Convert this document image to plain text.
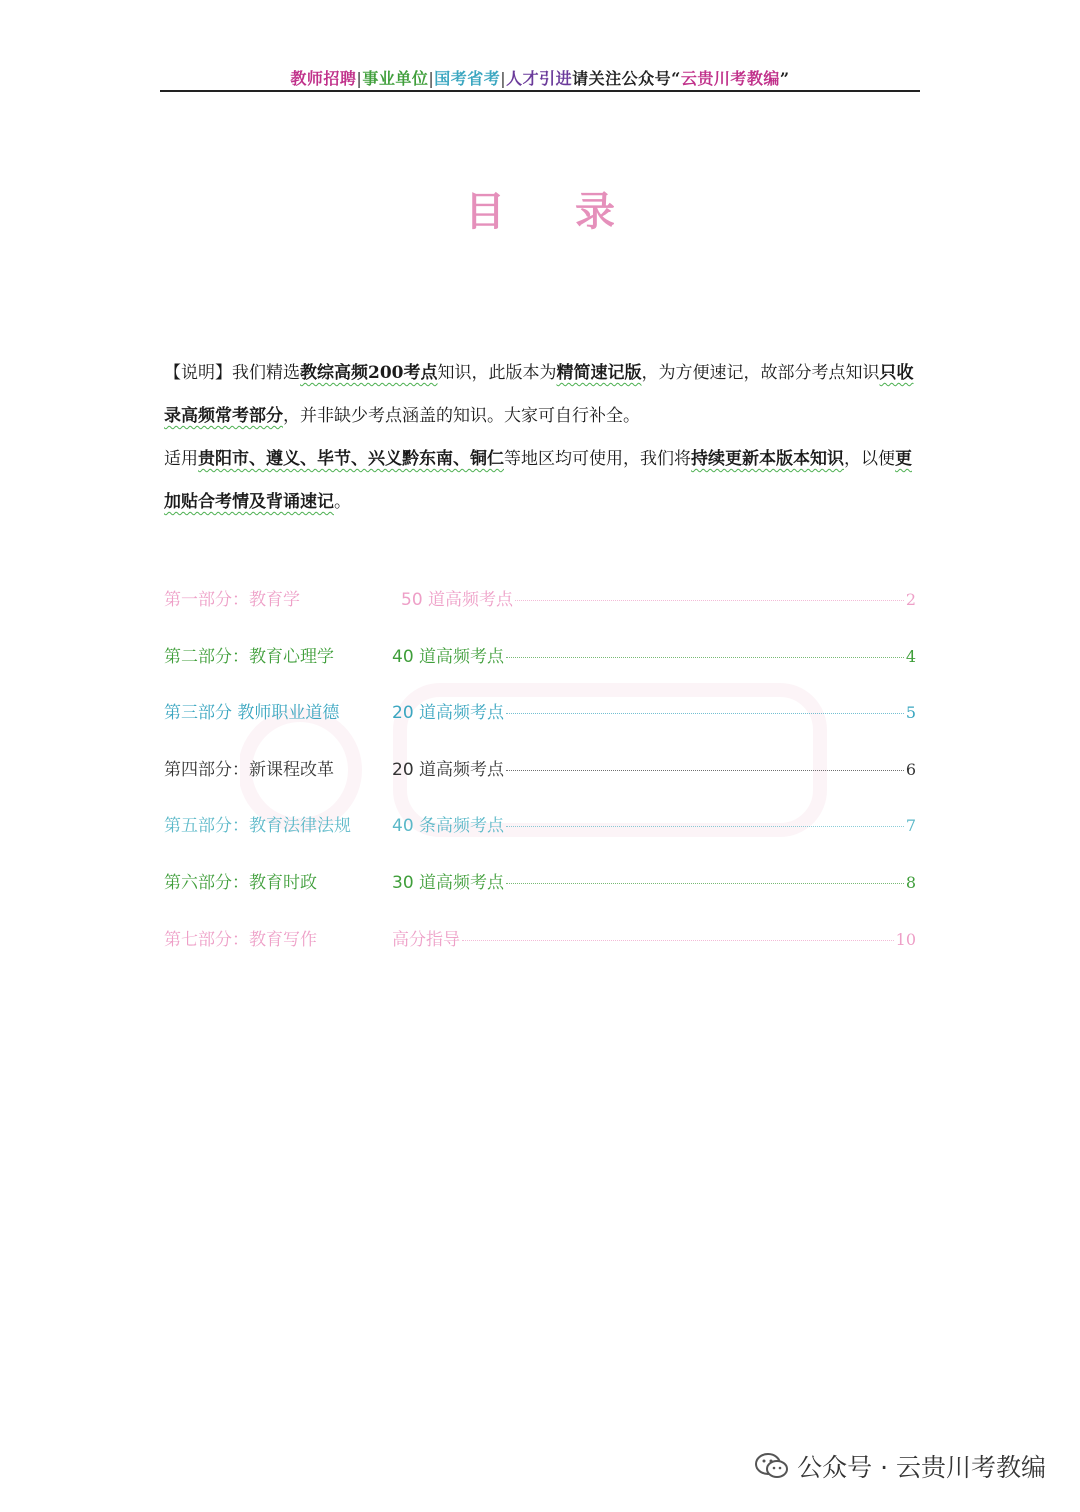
教师招聘|事业单位|国考省考|人才引进请关注公众号“云贵川考教编”
目 录

【说明】我们精选教综高频200考点知识，此版本为精简速记版，为方便速记，故部分考点知识只收录高频常考部分，并非缺少考点涵盖的知识。大家可自行补全。

适用贵阳市、遵义、毕节、兴义黔东南、铜仁等地区均可使用，我们将持续更新本版本知识，以便更加贴合考情及背诵速记。

第一部分：教育学	50 道高频考点	2
第二部分：教育心理学	40 道高频考点	4
第三部分 教师职业道德	20 道高频考点	5
第四部分：新课程改革	20 道高频考点	6
第五部分：教育法律法规	40 条高频考点	7
第六部分：教育时政	30 道高频考点	8
第七部分：教育写作	高分指导	10
公众号 · 云贵川考教编
